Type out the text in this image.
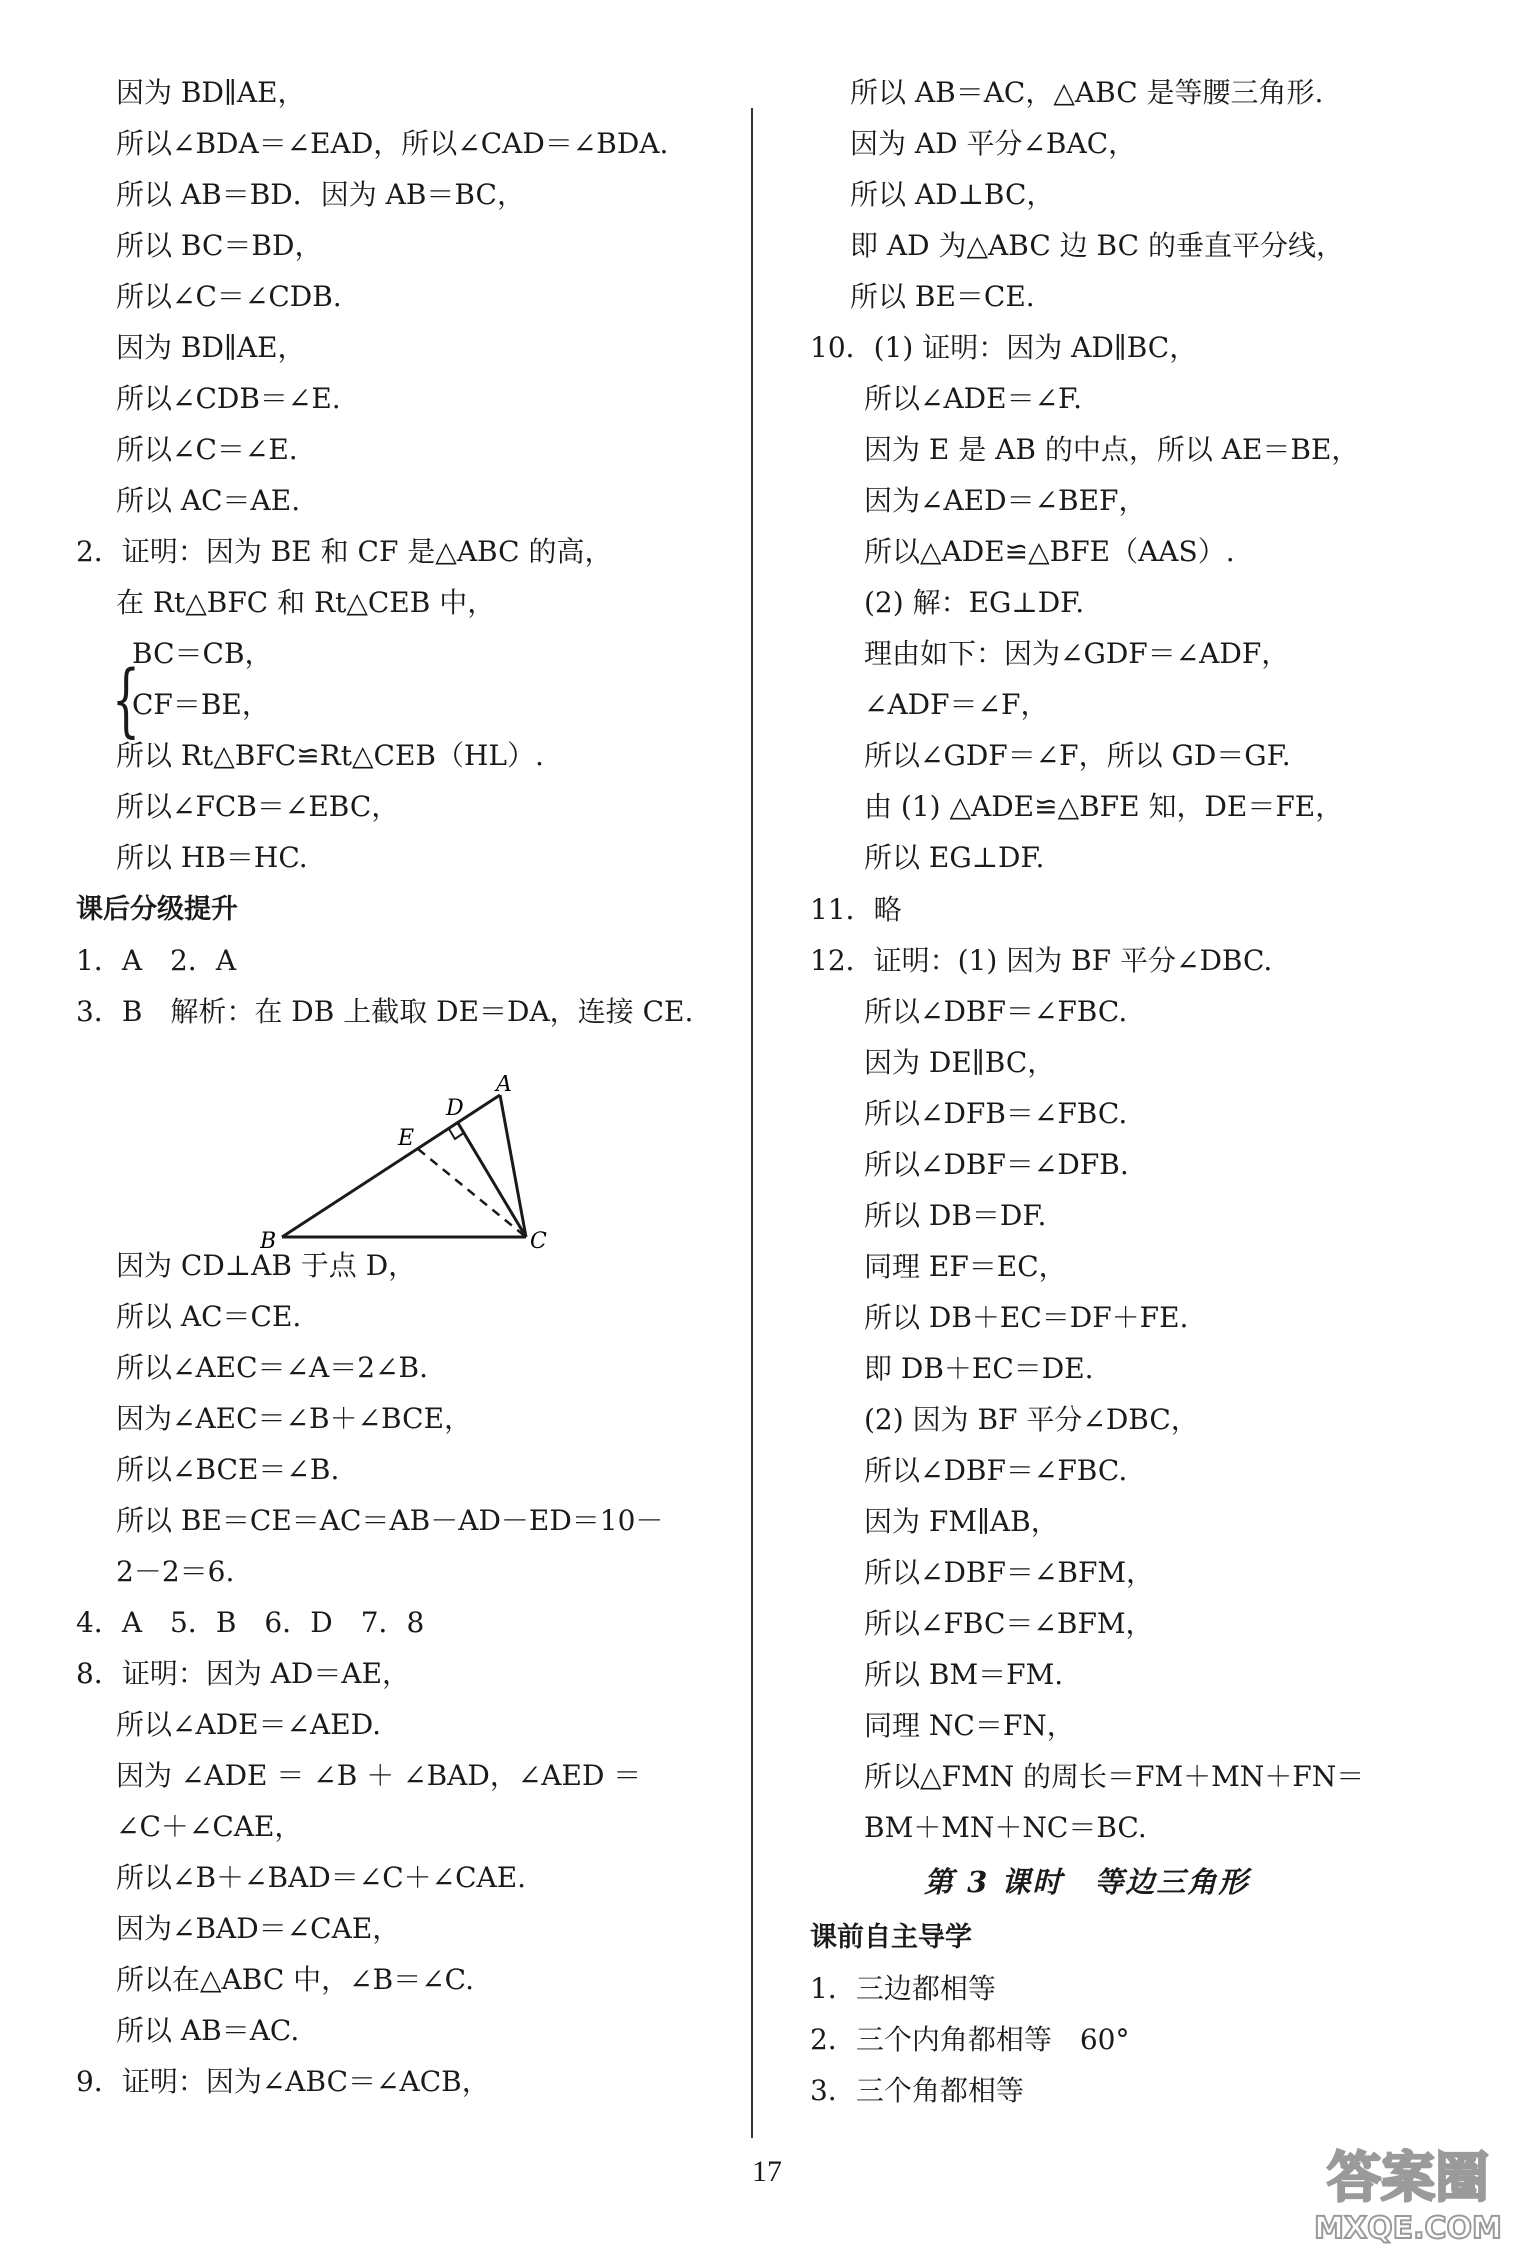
因为 BD∥AE，
所以∠BDA＝∠EAD，所以∠CAD＝∠BDA.
所以 AB＝BD．因为 AB＝BC，
所以 BC＝BD，
所以∠C＝∠CDB.
因为 BD∥AE，
所以∠CDB＝∠E.
所以∠C＝∠E.
所以 AC＝AE.
2．证明：因为 BE 和 CF 是△ABC 的高，
在 Rt△BFC 和 Rt△CEB 中，
BC＝CB，
CF＝BE，
所以 Rt△BFC≌Rt△CEB（HL）.
所以∠FCB＝∠EBC，
所以 HB＝HC.
课后分级提升
1．A　2．A
3．B　解析：在 DB 上截取 DE＝DA，连接 CE.
因为 CD⊥AB 于点 D，
所以 AC＝CE.
所以∠AEC＝∠A＝2∠B.
因为∠AEC＝∠B＋∠BCE，
所以∠BCE＝∠B.
所以 BE＝CE＝AC＝AB－AD－ED＝10－
2－2＝6.
4．A　5．B　6．D　7．8
8．证明：因为 AD＝AE，
所以∠ADE＝∠AED.
因为 ∠ADE ＝ ∠B ＋ ∠BAD，∠AED ＝
∠C＋∠CAE，
所以∠B＋∠BAD＝∠C＋∠CAE.
因为∠BAD＝∠CAE，
所以在△ABC 中，∠B＝∠C.
所以 AB＝AC.
9．证明：因为∠ABC＝∠ACB，
所以 AB＝AC，△ABC 是等腰三角形.
因为 AD 平分∠BAC，
所以 AD⊥BC，
即 AD 为△ABC 边 BC 的垂直平分线，
所以 BE＝CE.
10．(1) 证明：因为 AD∥BC，
所以∠ADE＝∠F.
因为 E 是 AB 的中点，所以 AE＝BE，
因为∠AED＝∠BEF，
所以△ADE≌△BFE（AAS）.
(2) 解：EG⊥DF.
理由如下：因为∠GDF＝∠ADF，
∠ADF＝∠F，
所以∠GDF＝∠F，所以 GD＝GF.
由 (1) △ADE≌△BFE 知，DE＝FE，
所以 EG⊥DF.
11．略
12．证明：(1) 因为 BF 平分∠DBC.
所以∠DBF＝∠FBC.
因为 DE∥BC，
所以∠DFB＝∠FBC.
所以∠DBF＝∠DFB.
所以 DB＝DF.
同理 EF＝EC，
所以 DB＋EC＝DF＋FE.
即 DB＋EC＝DE.
(2) 因为 BF 平分∠DBC，
所以∠DBF＝∠FBC.
因为 FM∥AB，
所以∠DBF＝∠BFM，
所以∠FBC＝∠BFM，
所以 BM＝FM.
同理 NC＝FN，
所以△FMN 的周长＝FM＋MN＋FN＝
BM＋MN＋NC＝BC.
第 3 课时　等边三角形
课前自主导学
1．三边都相等
2．三个内角都相等　60°
3．三个角都相等
{
A
B	C
D
E
17	答案圈
MXQE.COM
